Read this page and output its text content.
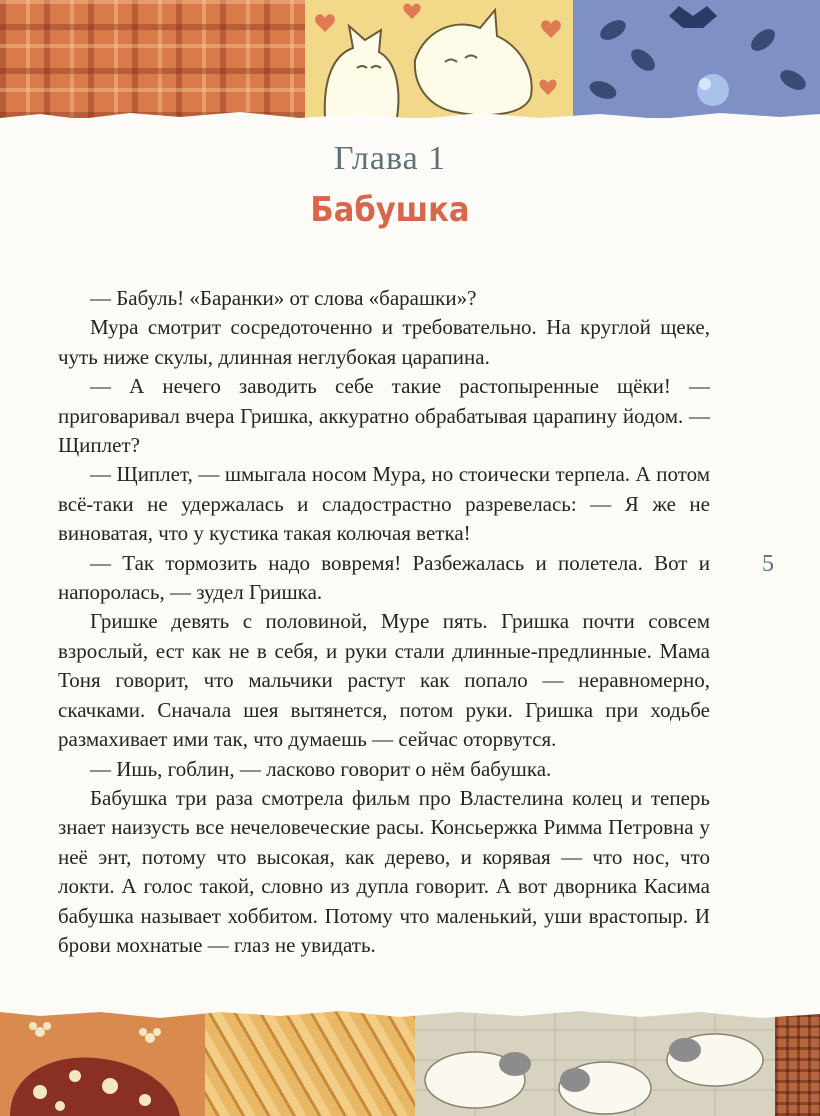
Глава 1
Бабушка

— Бабуль! «Баранки» от слова «барашки»?

Мура смотрит сосредоточенно и требовательно. На круглой щеке, чуть ниже скулы, длинная неглубокая царапина.

— А нечего заводить себе такие растопыренные щёки! — приговаривал вчера Гришка, аккуратно обрабатывая царапину йодом. — Щиплет?

— Щиплет, — шмыгала носом Мура, но стоически терпела. А потом всё-таки не удержалась и сладострастно разревелась: — Я же не виноватая, что у кустика такая колючая ветка!

— Так тормозить надо вовремя! Разбежалась и полетела. Вот и напоролась, — зудел Гришка.

Гришке девять с половиной, Муре пять. Гришка почти совсем взрослый, ест как не в себя, и руки стали длинные-предлинные. Мама Тоня говорит, что мальчики растут как попало — неравномерно, скачками. Сначала шея вытянется, потом руки. Гришка при ходьбе размахивает ими так, что думаешь — сейчас оторвутся.

— Ишь, гоблин, — ласково говорит о нём бабушка.

Бабушка три раза смотрела фильм про Властелина колец и теперь знает наизусть все нечеловеческие расы. Консьержка Римма Петровна у неё энт, потому что высокая, как дерево, и корявая — что нос, что локти. А голос такой, словно из дупла говорит. А вот дворника Касима бабушка называет хоббитом. Потому что маленький, уши врастопыр. И брови мохнатые — глаз не увидать.

5
